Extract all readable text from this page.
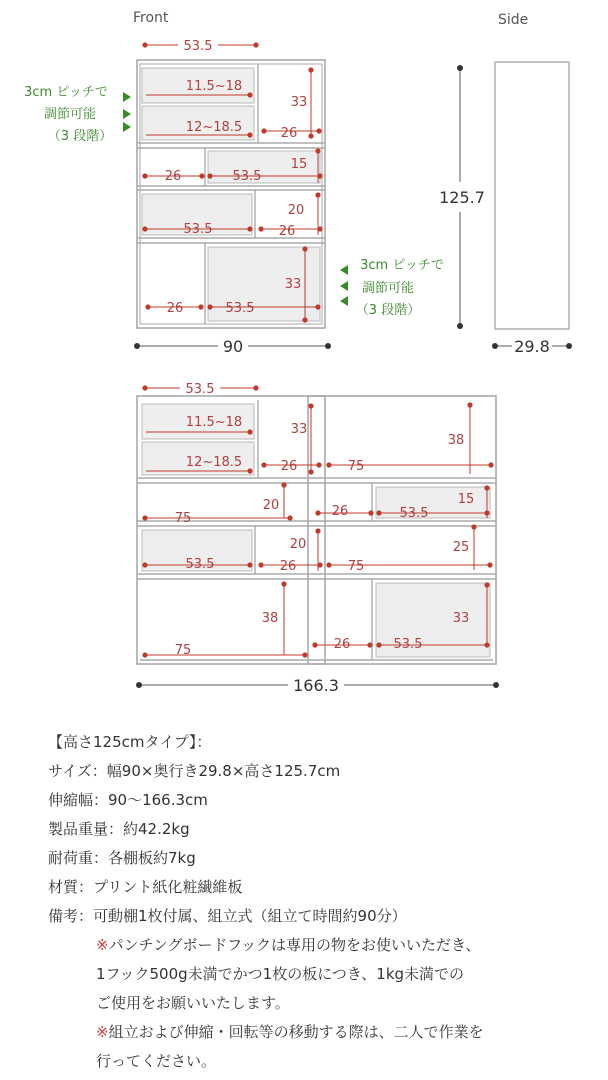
Front
53.5
11.5~18
12~18.5
33
26
26	53.5
15
53.5
20
26
33
26	53.5
3cm ピッチで
調節可能
（3 段階）
3cm ピッチで
調節可能
（3 段階）
90
Side
125.7
29.8
53.5
11.5~18
12~18.5
33
26	75
38
75
20	26	53.5
15
53.5
20
26	75
25
38
75	26	53.5
33
166.3
【高さ125cmタイプ】：
サイズ：幅90×奥行き29.8×高さ125.7cm
伸縮幅：90～166.3cm
製品重量：約42.2kg
耐荷重：各棚板約7kg
材質：プリント紙化粧繊維板
備考：可動棚1枚付属、組立式（組立て時間約90分）
※パンチングボードフックは専用の物をお使いいただき、
1フック500g未満でかつ1枚の板につき、1kg未満での
ご使用をお願いいたします。
※組立および伸縮・回転等の移動する際は、二人で作業を
行ってください。
